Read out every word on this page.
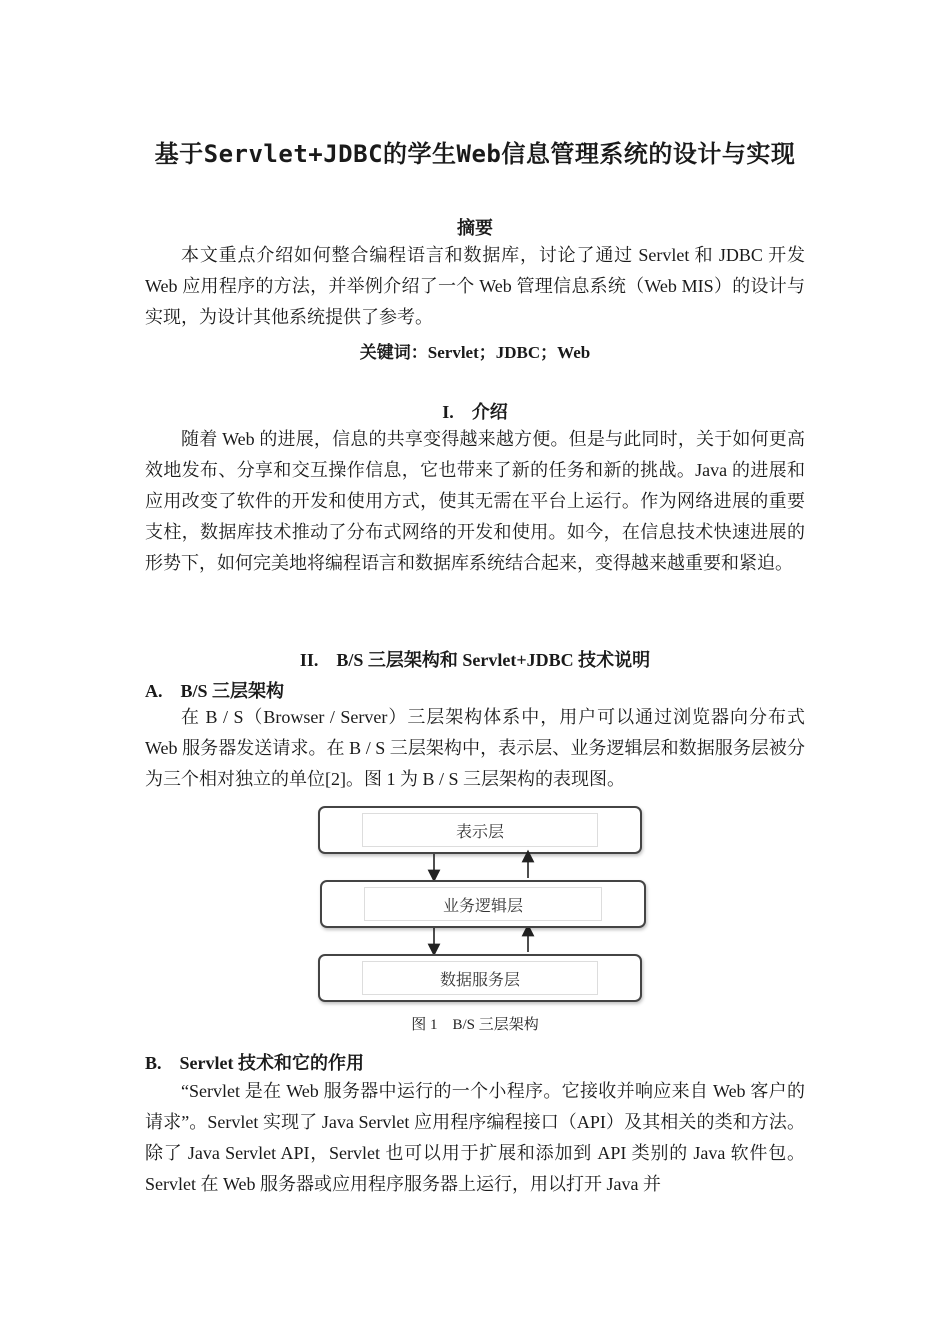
基于Servlet+JDBC的学生Web信息管理系统的设计与实现

摘要

本文重点介绍如何整合编程语言和数据库，讨论了通过 Servlet 和 JDBC 开发 Web 应用程序的方法，并举例介绍了一个 Web 管理信息系统（Web MIS）的设计与实现，为设计其他系统提供了参考。

关键词：Servlet；JDBC；Web

I.　介绍

随着 Web 的进展，信息的共享变得越来越方便。但是与此同时，关于如何更高效地发布、分享和交互操作信息，它也带来了新的任务和新的挑战。Java 的进展和应用改变了软件的开发和使用方式，使其无需在平台上运行。作为网络进展的重要支柱，数据库技术推动了分布式网络的开发和使用。如今，在信息技术快速进展的形势下，如何完美地将编程语言和数据库系统结合起来，变得越来越重要和紧迫。

II.　B/S 三层架构和 Servlet+JDBC 技术说明

A.　B/S 三层架构

在 B / S（Browser / Server）三层架构体系中，用户可以通过浏览器向分布式 Web 服务器发送请求。在 B / S 三层架构中，表示层、业务逻辑层和数据服务层被分为三个相对独立的单位[2]。图 1 为 B / S 三层架构的表现图。

表示层
业务逻辑层
数据服务层

图 1　B/S 三层架构

B.　Servlet 技术和它的作用

“Servlet 是在 Web 服务器中运行的一个小程序。它接收并响应来自 Web 客户的请求”。Servlet 实现了 Java Servlet 应用程序编程接口（API）及其相关的类和方法。除了 Java Servlet API，Servlet 也可以用于扩展和添加到 API 类别的 Java 软件包。Servlet 在 Web 服务器或应用程序服务器上运行，用以打开 Java 并
